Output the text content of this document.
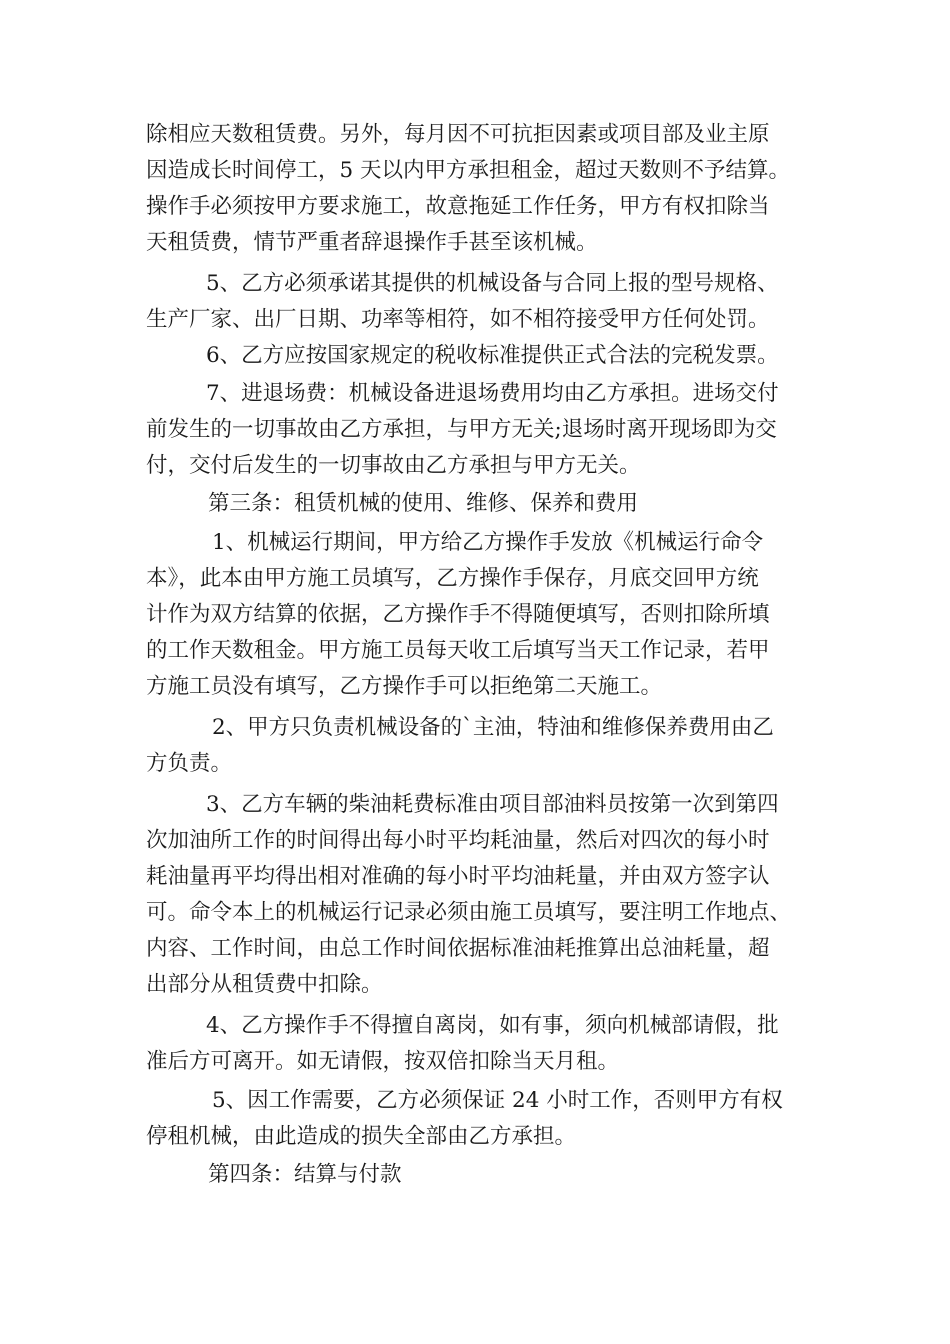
除相应天数租赁费。另外，每月因不可抗拒因素或项目部及业主原
因造成长时间停工，5 天以内甲方承担租金，超过天数则不予结算。
操作手必须按甲方要求施工，故意拖延工作任务，甲方有权扣除当
天租赁费，情节严重者辞退操作手甚至该机械。
5、乙方必须承诺其提供的机械设备与合同上报的型号规格、
生产厂家、出厂日期、功率等相符，如不相符接受甲方任何处罚。
6、乙方应按国家规定的税收标准提供正式合法的完税发票。
7、进退场费：机械设备进退场费用均由乙方承担。进场交付
前发生的一切事故由乙方承担，与甲方无关;退场时离开现场即为交
付，交付后发生的一切事故由乙方承担与甲方无关。
第三条：租赁机械的使用、维修、保养和费用
1、机械运行期间，甲方给乙方操作手发放《机械运行命令
本》，此本由甲方施工员填写，乙方操作手保存，月底交回甲方统
计作为双方结算的依据，乙方操作手不得随便填写，否则扣除所填
的工作天数租金。甲方施工员每天收工后填写当天工作记录，若甲
方施工员没有填写，乙方操作手可以拒绝第二天施工。
2、甲方只负责机械设备的`主油，特油和维修保养费用由乙
方负责。
3、乙方车辆的柴油耗费标准由项目部油料员按第一次到第四
次加油所工作的时间得出每小时平均耗油量，然后对四次的每小时
耗油量再平均得出相对准确的每小时平均油耗量，并由双方签字认
可。命令本上的机械运行记录必须由施工员填写，要注明工作地点、
内容、工作时间，由总工作时间依据标准油耗推算出总油耗量，超
出部分从租赁费中扣除。
4、乙方操作手不得擅自离岗，如有事，须向机械部请假，批
准后方可离开。如无请假，按双倍扣除当天月租。
5、因工作需要，乙方必须保证 24 小时工作，否则甲方有权
停租机械，由此造成的损失全部由乙方承担。
第四条：结算与付款
